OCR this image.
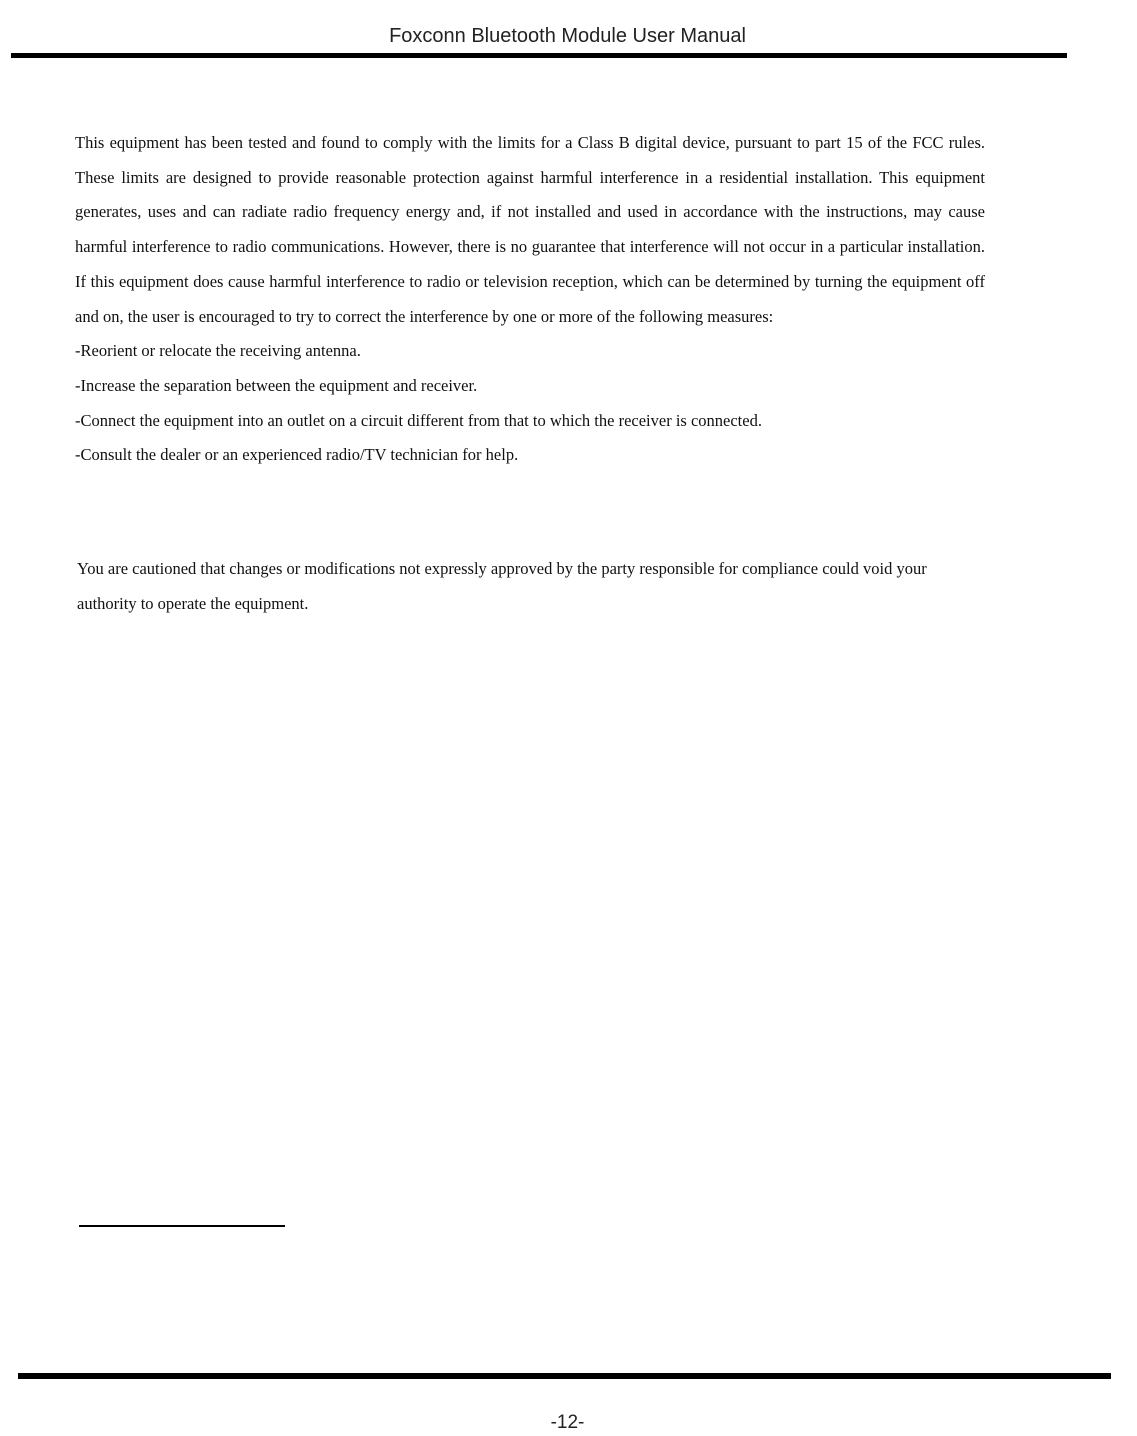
Foxconn Bluetooth Module User Manual

This equipment has been tested and found to comply with the limits for a Class B digital device, pursuant to part 15 of the FCC rules. These limits are designed to provide reasonable protection against harmful interference in a residential installation. This equipment generates, uses and can radiate radio frequency energy and, if not installed and used in accordance with the instructions, may cause harmful interference to radio communications. However, there is no guarantee that interference will not occur in a particular installation. If this equipment does cause harmful interference to radio or television reception, which can be determined by turning the equipment off and on, the user is encouraged to try to correct the interference by one or more of the following measures:

-Reorient or relocate the receiving antenna.

-Increase the separation between the equipment and receiver.

-Connect the equipment into an outlet on a circuit different from that to which the receiver is connected.

-Consult the dealer or an experienced radio/TV technician for help.

You are cautioned that changes or modifications not expressly approved by the party responsible for compliance could void your authority to operate the equipment.

-12-
